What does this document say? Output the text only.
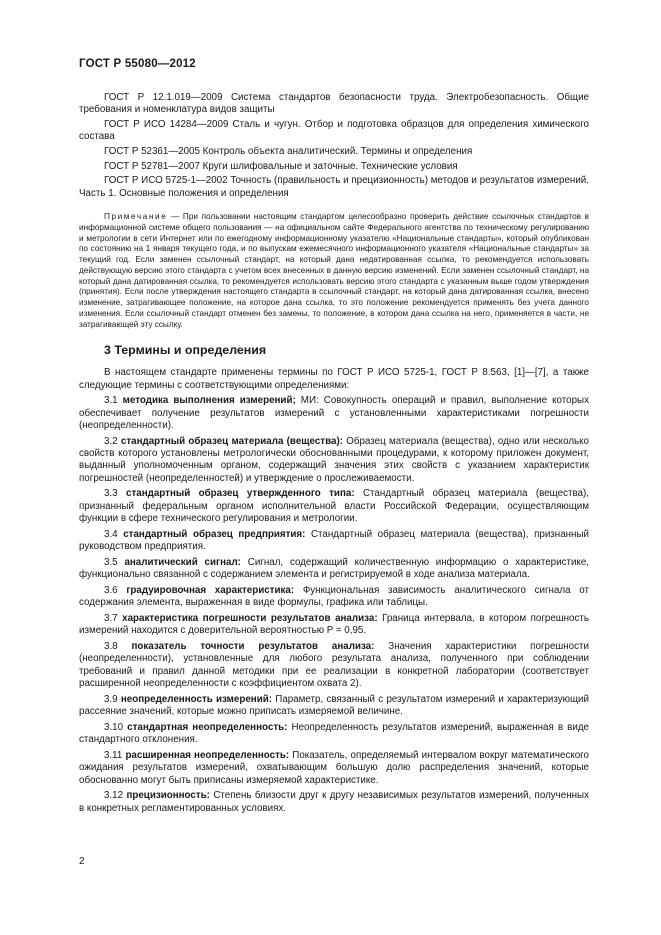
ГОСТ Р 55080—2012

ГОСТ Р 12.1.019—2009 Система стандартов безопасности труда. Электробезопасность. Общие требования и номенклатура видов защиты

ГОСТ Р ИСО 14284—2009 Сталь и чугун. Отбор и подготовка образцов для определения химического состава

ГОСТ Р 52361—2005 Контроль объекта аналитический. Термины и определения

ГОСТ Р 52781—2007 Круги шлифовальные и заточные. Технические условия

ГОСТ Р ИСО 5725-1—2002 Точность (правильность и прецизионность) методов и результатов измерений. Часть 1. Основные положения и определения

Примечание — При пользовании настоящим стандартом целесообразно проверить действие ссылочных стандартов в информационной системе общего пользования — на официальном сайте Федерального агентства по техническому регулированию и метрологии в сети Интернет или по ежегодному информационному указателю «Национальные стандарты», который опубликован по состоянию на 1 января текущего года, и по выпускам ежемесячного информационного указателя «Национальные стандарты» за текущий год. Если заменен ссылочный стандарт, на который дана недатированная ссылка, то рекомендуется использовать действующую версию этого стандарта с учетом всех внесенных в данную версию изменений. Если заменен ссылочный стандарт, на который дана датированная ссылка, то рекомендуется использовать версию этого стандарта с указанным выше годом утверждения (принятия). Если после утверждения настоящего стандарта в ссылочный стандарт, на который дана датированная ссылка, внесено изменение, затрагивающее положение, на которое дана ссылка, то это положение рекомендуется применять без учета данного изменения. Если ссылочный стандарт отменен без замены, то положение, в котором дана ссылка на него, применяется в части, не затрагивающей эту ссылку.

3 Термины и определения

В настоящем стандарте применены термины по ГОСТ Р ИСО 5725-1, ГОСТ Р 8.563, [1]—[7], а также следующие термины с соответствующими определениями:

3.1 методика выполнения измерений; МИ: Совокупность операций и правил, выполнение которых обеспечивает получение результатов измерений с установленными характеристиками погрешности (неопределенности).

3.2 стандартный образец материала (вещества): Образец материала (вещества), одно или несколько свойств которого установлены метрологически обоснованными процедурами, к которому приложен документ, выданный уполномоченным органом, содержащий значения этих свойств с указанием характеристик погрешностей (неопределенностей) и утверждение о прослеживаемости.

3.3 стандартный образец утвержденного типа: Стандартный образец материала (вещества), признанный федеральным органом исполнительной власти Российской Федерации, осуществляющим функции в сфере технического регулирования и метрологии.

3.4 стандартный образец предприятия: Стандартный образец материала (вещества), признанный руководством предприятия.

3.5 аналитический сигнал: Сигнал, содержащий количественную информацию о характеристике, функционально связанной с содержанием элемента и регистрируемой в ходе анализа материала.

3.6 градуировочная характеристика: Функциональная зависимость аналитического сигнала от содержания элемента, выраженная в виде формулы, графика или таблицы.

3.7 характеристика погрешности результатов анализа: Граница интервала, в котором погрешность измерений находится с доверительной вероятностью P = 0,95.

3.8 показатель точности результатов анализа: Значения характеристики погрешности (неопределенности), установленные для любого результата анализа, полученного при соблюдении требований и правил данной методики при ее реализации в конкретной лаборатории (соответствует расширенной неопределенности с коэффициентом охвата 2).

3.9 неопределенность измерений: Параметр, связанный с результатом измерений и характеризующий рассеяние значений, которые можно приписать измеряемой величине.

3.10 стандартная неопределенность: Неопределенность результатов измерений, выраженная в виде стандартного отклонения.

3.11 расширенная неопределенность: Показатель, определяемый интервалом вокруг математического ожидания результатов измерений, охватывающим большую долю распределения значений, которые обоснованно могут быть приписаны измеряемой характеристике.

3.12 прецизионность: Степень близости друг к другу независимых результатов измерений, полученных в конкретных регламентированных условиях.

2
